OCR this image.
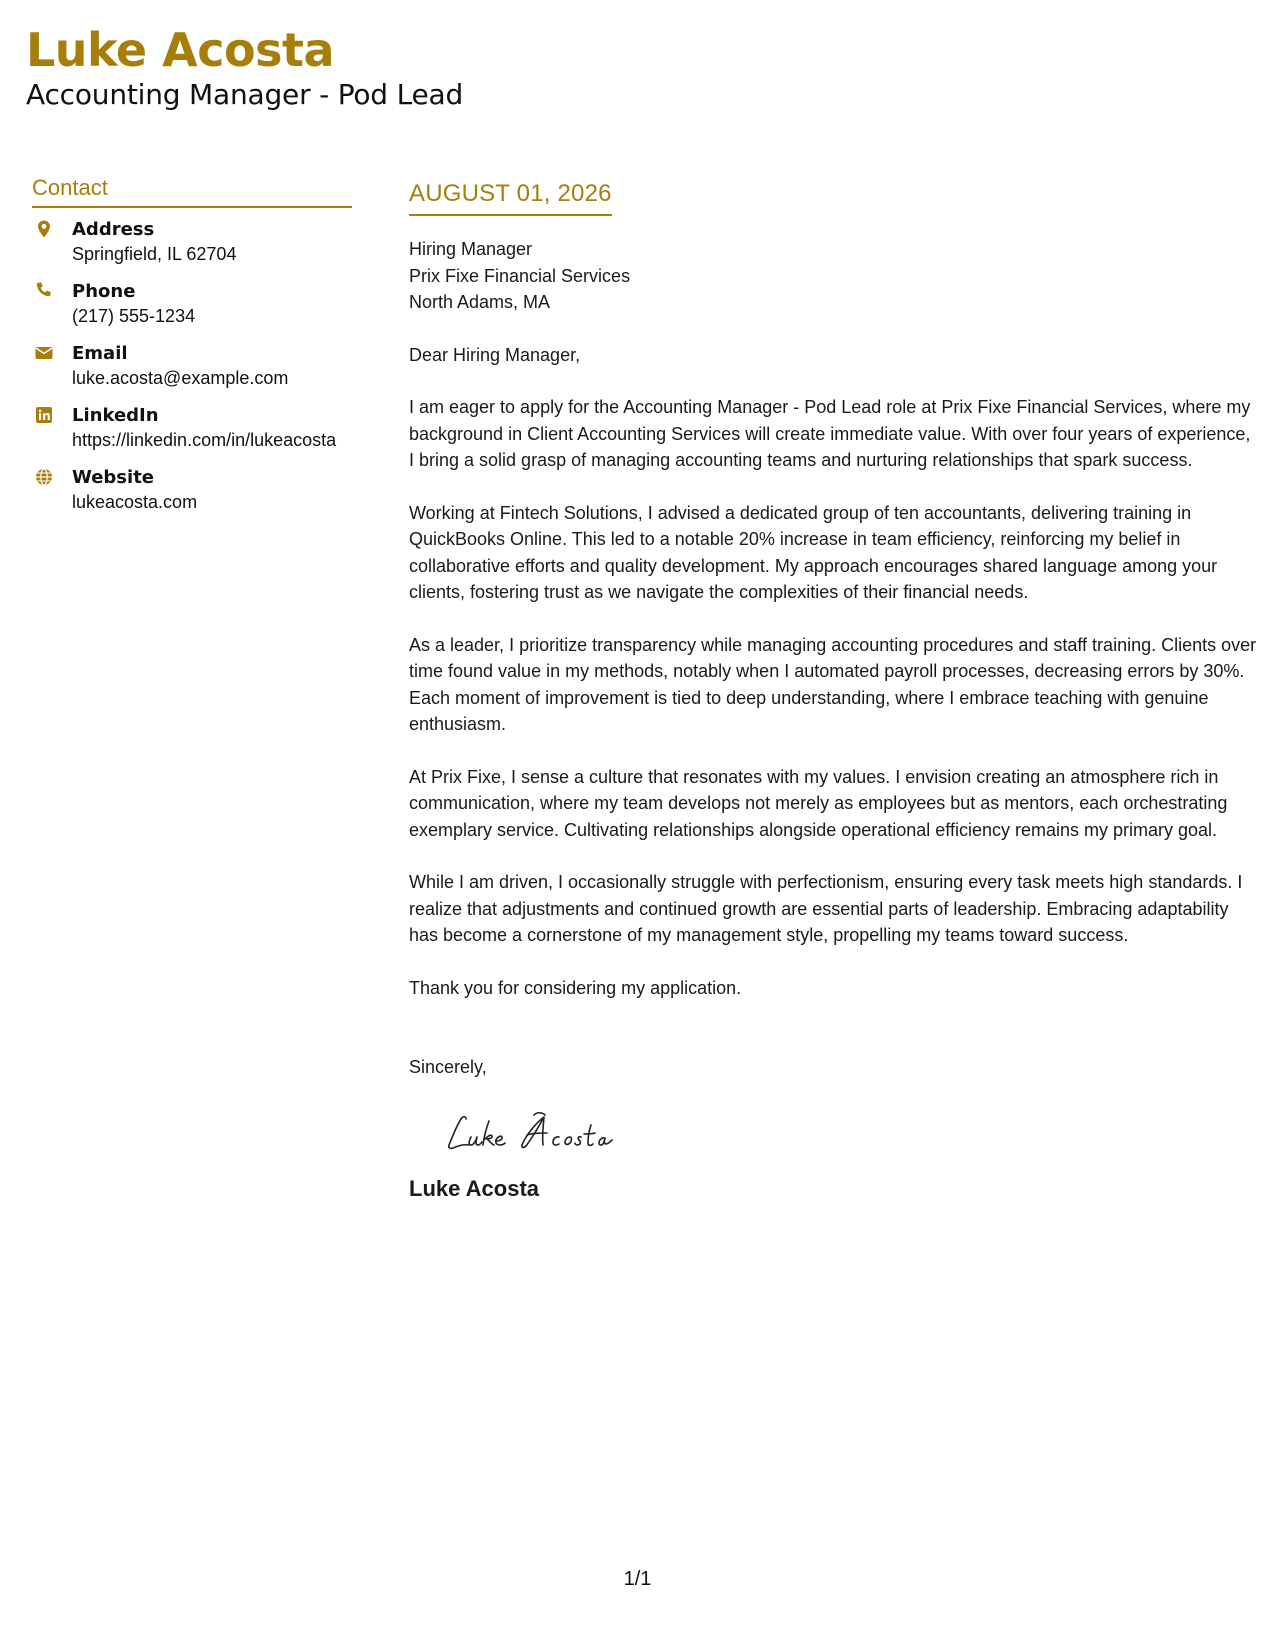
Luke Acosta
Accounting Manager - Pod Lead
Contact
Address
Springfield, IL 62704
Phone
(217) 555-1234
Email
luke.acosta@example.com
LinkedIn
https://linkedin.com/in/lukeacosta
Website
lukeacosta.com
AUGUST 01, 2026
Hiring Manager
Prix Fixe Financial Services
North Adams, MA
Dear Hiring Manager,
I am eager to apply for the Accounting Manager - Pod Lead role at Prix Fixe Financial Services, where my background in Client Accounting Services will create immediate value. With over four years of experience, I bring a solid grasp of managing accounting teams and nurturing relationships that spark success.
Working at Fintech Solutions, I advised a dedicated group of ten accountants, delivering training in QuickBooks Online. This led to a notable 20% increase in team efficiency, reinforcing my belief in collaborative efforts and quality development. My approach encourages shared language among your clients, fostering trust as we navigate the complexities of their financial needs.
As a leader, I prioritize transparency while managing accounting procedures and staff training. Clients over time found value in my methods, notably when I automated payroll processes, decreasing errors by 30%. Each moment of improvement is tied to deep understanding, where I embrace teaching with genuine enthusiasm.
At Prix Fixe, I sense a culture that resonates with my values. I envision creating an atmosphere rich in communication, where my team develops not merely as employees but as mentors, each orchestrating exemplary service. Cultivating relationships alongside operational efficiency remains my primary goal.
While I am driven, I occasionally struggle with perfectionism, ensuring every task meets high standards. I realize that adjustments and continued growth are essential parts of leadership. Embracing adaptability has become a cornerstone of my management style, propelling my teams toward success.
Thank you for considering my application.
Sincerely,
Luke Acosta
1/1
